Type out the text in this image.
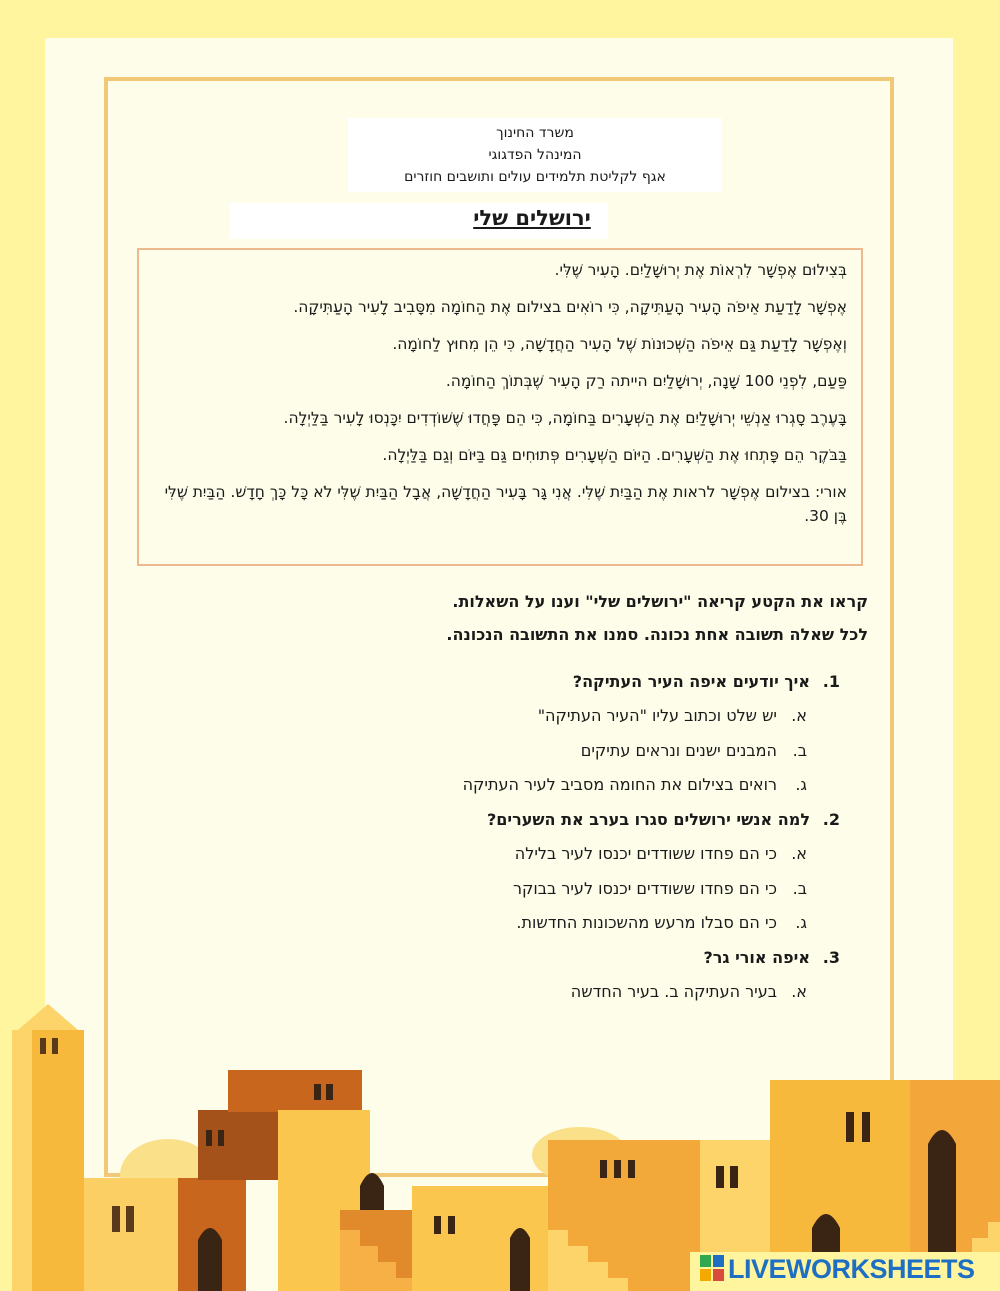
משרד החינוך
המינהל הפדגוגי
אגף לקליטת תלמידים עולים ותושבים חוזרים
ירושלים שלי
בְּצִילוּם אֶפְשָׁר לִרְאוֹת אֶת יְרוּשָׁלַיִם. הָעִיר שֶׁלִּי.
אֶפְשָׁר לָדַעַת אֵיפֹה הָעִיר הָעַתִּיקָה, כִּי רוֹאִים בצילום אֶת הַחוֹמָה מִסָּבִיב לָעִיר הָעַתִּיקָה.
וְאֶפְשָׁר לָדַעַת גַּם אֵיפֹה הַשְּׁכוּנוֹת שֶׁל הָעִיר הַחֲדָשָׁה, כִּי הֵן מִחוּץ לַחוֹמָה.
פַּעַם, לִפְנֵי 100 שָׁנָה, יְרוּשָׁלַיִם הייתה רַק הָעִיר שֶׁבְּתוֹךְ הַחוֹמָה.
בָּעֶרֶב סָגְרוּ אַנְשֵׁי יְרוּשָׁלַיִם אֶת הַשְּׁעָרִים בַּחוֹמָה, כִּי הֵם פָּחֲדוּ שֶׁשּׁוֹדְדִים יִכָּנְסוּ לָעִיר בַּלַּיְלָה.
בַּבֹּקֶר הֵם פָּתְחוּ אֶת הַשְּׁעָרִים. הַיּוֹם הַשְּׁעָרִים פְּתוּחִים גַּם בַּיּוֹם וְגַם בַּלַּיְלָה.
אורי: בצילום אֶפְשָׁר לראות אֶת הַבַּיִת שֶׁלִּי. אֲנִי גָּר בָּעִיר הַחֲדָשָׁה, אֲבָל הַבַּיִת שֶׁלִּי לֹא כָּל כָּךְ חָדָשׁ. הַבַּיִת שֶׁלִּי בֶּן 30.
קראו את הקטע קריאה "ירושלים שלי" וענו על השאלות.
לכל שאלה תשובה אחת נכונה. סמנו את התשובה הנכונה.
1.
איך יודעים איפה העיר העתיקה?
א.
יש שלט וכתוב עליו "העיר העתיקה"
ב.
המבנים ישנים ונראים עתיקים
ג.
רואים בצילום את החומה מסביב לעיר העתיקה
2.
למה אנשי ירושלים סגרו בערב את השערים?
א.
כי הם פחדו ששודדים יכנסו לעיר בלילה
ב.
כי הם פחדו ששודדים יכנסו לעיר בבוקר
ג.
כי הם סבלו מרעש מהשכונות החדשות.
3.
איפה אורי גר?
א.
בעיר העתיקה ב. בעיר החדשה
LIVEWORKSHEETS
